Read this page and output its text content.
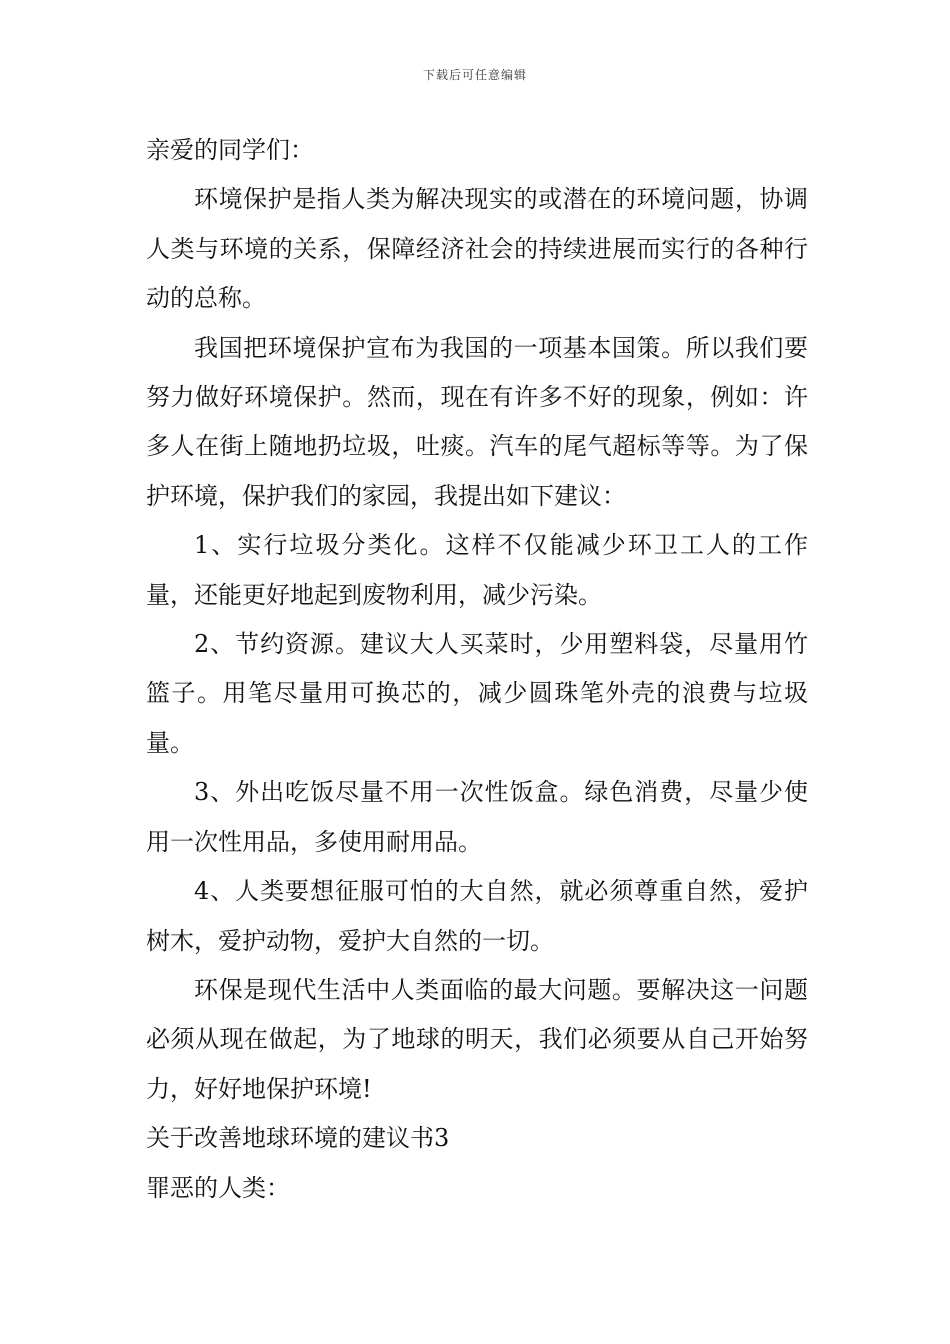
下载后可任意编辑

亲爱的同学们：

环境保护是指人类为解决现实的或潜在的环境问题，协调人类与环境的关系，保障经济社会的持续进展而实行的各种行动的总称。

我国把环境保护宣布为我国的一项基本国策。所以我们要努力做好环境保护。然而，现在有许多不好的现象，例如：许多人在街上随地扔垃圾，吐痰。汽车的尾气超标等等。为了保护环境，保护我们的家园，我提出如下建议：

1、实行垃圾分类化。这样不仅能减少环卫工人的工作量，还能更好地起到废物利用，减少污染。

2、节约资源。建议大人买菜时，少用塑料袋，尽量用竹篮子。用笔尽量用可换芯的，减少圆珠笔外壳的浪费与垃圾量。

3、外出吃饭尽量不用一次性饭盒。绿色消费，尽量少使用一次性用品，多使用耐用品。

4、人类要想征服可怕的大自然，就必须尊重自然，爱护树木，爱护动物，爱护大自然的一切。

环保是现代生活中人类面临的最大问题。要解决这一问题必须从现在做起，为了地球的明天，我们必须要从自己开始努力，好好地保护环境!

关于改善地球环境的建议书3

罪恶的人类：
